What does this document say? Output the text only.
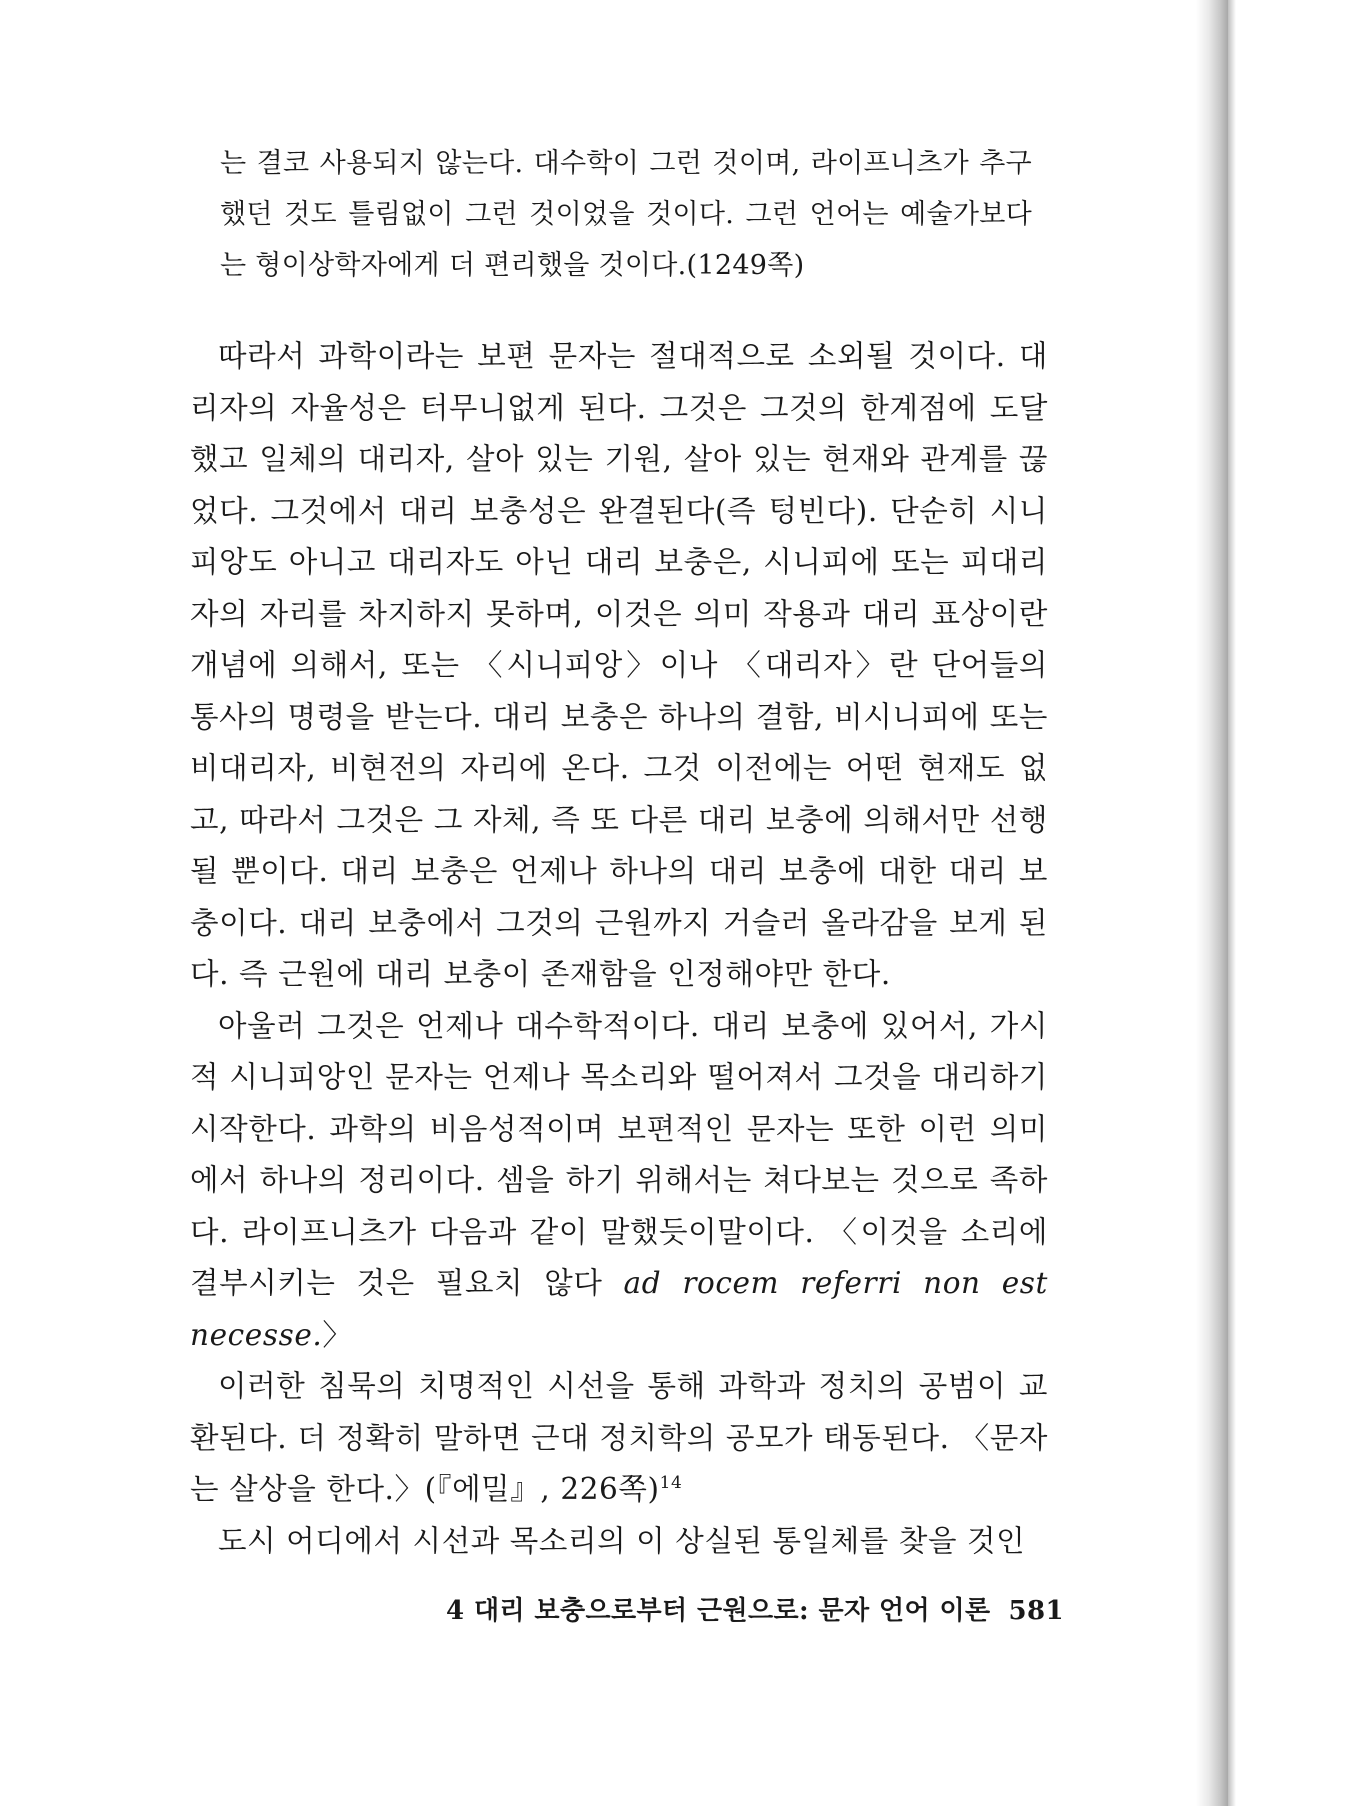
는 결코 사용되지 않는다. 대수학이 그런 것이며, 라이프니츠가 추구했던 것도 틀림없이 그런 것이었을 것이다. 그런 언어는 예술가보다는 형이상학자에게 더 편리했을 것이다.(1249쪽)

따라서 과학이라는 보편 문자는 절대적으로 소외될 것이다. 대리자의 자율성은 터무니없게 된다. 그것은 그것의 한계점에 도달했고 일체의 대리자, 살아 있는 기원, 살아 있는 현재와 관계를 끊었다. 그것에서 대리 보충성은 완결된다(즉 텅빈다). 단순히 시니피앙도 아니고 대리자도 아닌 대리 보충은, 시니피에 또는 피대리자의 자리를 차지하지 못하며, 이것은 의미 작용과 대리 표상이란 개념에 의해서, 또는 〈시니피앙〉이나 〈대리자〉란 단어들의 통사의 명령을 받는다. 대리 보충은 하나의 결함, 비시니피에 또는 비대리자, 비현전의 자리에 온다. 그것 이전에는 어떤 현재도 없고, 따라서 그것은 그 자체, 즉 또 다른 대리 보충에 의해서만 선행될 뿐이다. 대리 보충은 언제나 하나의 대리 보충에 대한 대리 보충이다. 대리 보충에서 그것의 근원까지 거슬러 올라감을 보게 된다. 즉 근원에 대리 보충이 존재함을 인정해야만 한다.

아울러 그것은 언제나 대수학적이다. 대리 보충에 있어서, 가시적 시니피앙인 문자는 언제나 목소리와 떨어져서 그것을 대리하기 시작한다. 과학의 비음성적이며 보편적인 문자는 또한 이런 의미에서 하나의 정리이다. 셈을 하기 위해서는 쳐다보는 것으로 족하다. 라이프니츠가 다음과 같이 말했듯이말이다. 〈이것을 소리에 결부시키는 것은 필요치 않다 ad rocem referri non est necesse.〉

이러한 침묵의 치명적인 시선을 통해 과학과 정치의 공범이 교환된다. 더 정확히 말하면 근대 정치학의 공모가 태동된다. 〈문자는 살상을 한다.〉(『에밀』, 226쪽)$^{14}$

도시 어디에서 시선과 목소리의 이 상실된 통일체를 찾을 것인

4 대리 보충으로부터 근원으로: 문자 언어 이론 581
